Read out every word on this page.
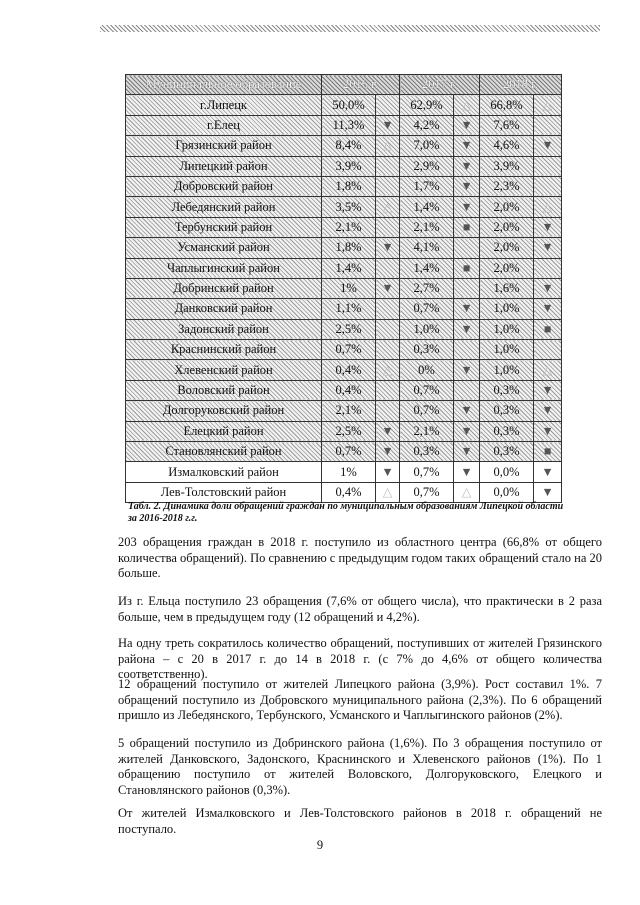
Муниципальное образование	2016 г.		2017 г.		2018 г.	
г.Липецк	50,0%		62,9%	△	66,8%	△
г.Елец	11,3%	▼	4,2%	▼	7,6%	
Грязинский район	8,4%	△	7,0%	▼	4,6%	▼
Липецкий район	3,9%		2,9%	▼	3,9%	
Добровский район	1,8%		1,7%	▼	2,3%	
Лебедянский район	3,5%	△	1,4%	▼	2,0%	△
Тербунский район	2,1%		2,1%	■	2,0%	▼
Усманский район	1,8%	▼	4,1%		2,0%	▼
Чаплыгинский район	1,4%		1,4%	■	2,0%	
Добринский район	1%	▼	2,7%		1,6%	▼
Данковский район	1,1%		0,7%	▼	1,0%	▼
Задонский район	2,5%		1,0%	▼	1,0%	■
Краснинский район	0,7%		0,3%		1,0%	
Хлевенский район	0,4%	△	0%	▼	1,0%	△
Воловский район	0,4%		0,7%		0,3%	▼
Долгоруковский район	2,1%		0,7%	▼	0,3%	▼
Елецкий район	2,5%	▼	2,1%	▼	0,3%	▼
Становлянский район	0,7%	▼	0,3%	▼	0,3%	■
Измалковский район	1%	▼	0,7%	▼	0,0%	▼
Лев-Толстовский район	0,4%	△	0,7%	△	0,0%	▼
Табл. 2. Динамика доли обращений граждан по муниципальным образованиям Липецкой области за 2016-2018 г.г.
203 обращения граждан в 2018 г. поступило из областного центра (66,8% от общего количества обращений). По сравнению с предыдущим годом таких обращений стало на 20 больше.
Из г. Ельца поступило 23 обращения (7,6% от общего числа), что практически в 2 раза больше, чем в предыдущем году (12 обращений и 4,2%).
На одну треть сократилось количество обращений, поступивших от жителей Грязинского района – с 20 в 2017 г. до 14 в 2018 г. (с 7% до 4,6% от общего количества соответственно).
12 обращений поступило от жителей Липецкого района (3,9%). Рост составил 1%. 7 обращений поступило из Добровского муниципального района (2,3%). По 6 обращений пришло из Лебедянского, Тербунского, Усманского и Чаплыгинского районов (2%).
5 обращений поступило из Добринского района (1,6%). По 3 обращения поступило от жителей Данковского, Задонского, Краснинского и Хлевенского районов (1%). По 1 обращению поступило от жителей Воловского, Долгоруковского, Елецкого и Становлянского районов (0,3%).
От жителей Измалковского и Лев-Толстовского районов в 2018 г. обращений не поступало.
9
